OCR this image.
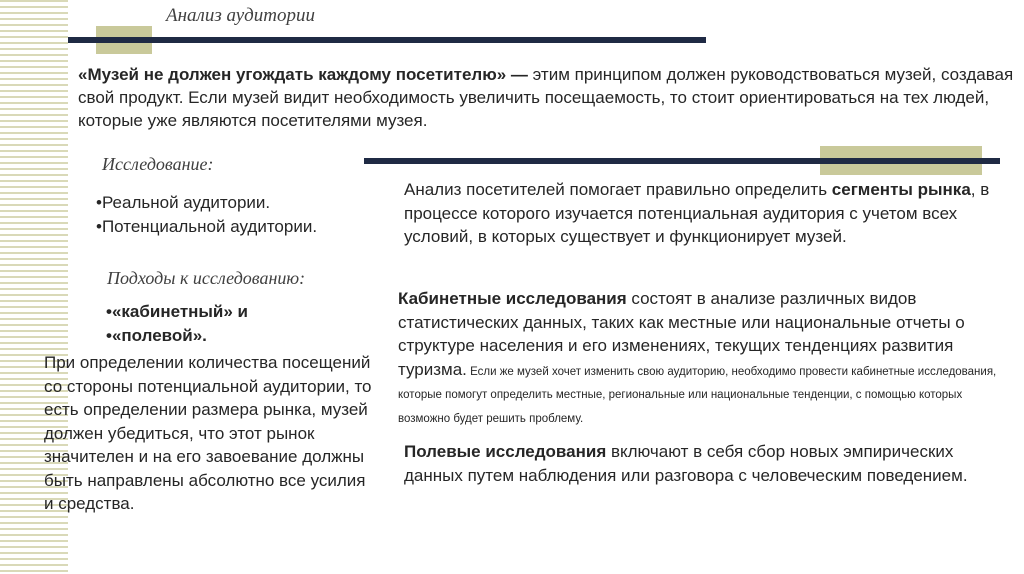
Анализ аудитории
«Музей не должен угождать каждому посетителю» — этим принципом должен руководствоваться музей, создавая свой продукт. Если музей видит необходимость увеличить посещаемость, то стоит ориентироваться на тех людей, которые уже являются посетителями музея.
Исследование:
•Реальной аудитории.
•Потенциальной аудитории.
Подходы к исследованию:
•«кабинетный» и
•«полевой».
При определении количества посещений со стороны потенциальной аудитории, то есть определении размера рынка, музей должен убедиться, что этот рынок значителен и на его завоевание должны быть направлены абсолютно все усилия и средства.
Анализ посетителей помогает правильно определить сегменты рынка, в процессе которого изучается потенциальная аудитория с учетом всех условий, в которых существует и функционирует музей.
Кабинетные исследования состоят в анализе различных видов статистических данных, таких как местные или национальные отчеты о структуре населения и его изменениях, текущих тенденциях развития туризма. Если же музей хочет изменить свою аудиторию, необходимо провести кабинетные исследования, которые помогут определить местные, региональные или национальные тенденции, с помощью которых возможно будет решить проблему.
Полевые исследования включают в себя сбор новых эмпирических данных путем наблюдения или разговора с человеческим поведением.
